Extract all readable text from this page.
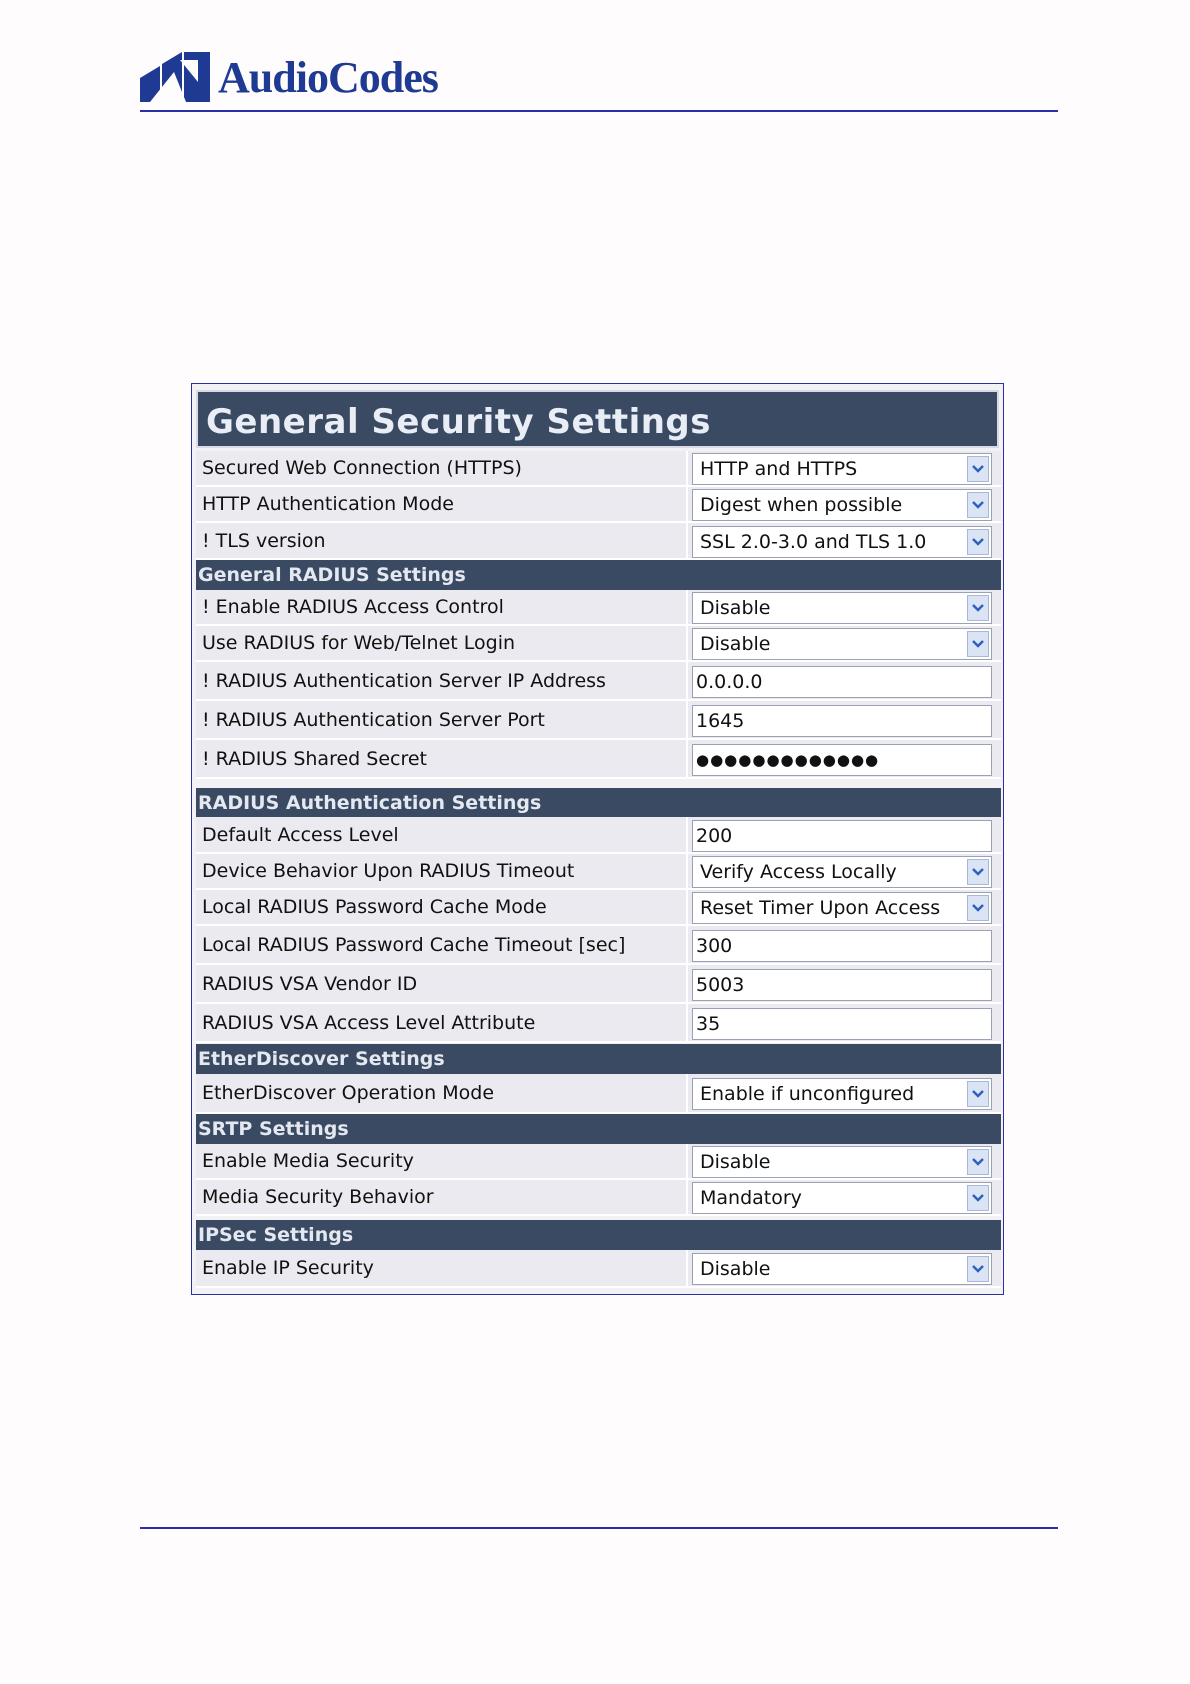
AudioCodes
General Security Settings
Secured Web Connection (HTTPS)	HTTP and HTTPS
HTTP Authentication Mode	Digest when possible
! TLS version	SSL 2.0-3.0 and TLS 1.0
General RADIUS Settings
! Enable RADIUS Access Control	Disable
Use RADIUS for Web/Telnet Login	Disable
! RADIUS Authentication Server IP Address	0.0.0.0
! RADIUS Authentication Server Port	1645
! RADIUS Shared Secret	●●●●●●●●●●●●●
RADIUS Authentication Settings
Default Access Level	200
Device Behavior Upon RADIUS Timeout	Verify Access Locally
Local RADIUS Password Cache Mode	Reset Timer Upon Access
Local RADIUS Password Cache Timeout [sec]	300
RADIUS VSA Vendor ID	5003
RADIUS VSA Access Level Attribute	35
EtherDiscover Settings
EtherDiscover Operation Mode	Enable if unconfigured
SRTP Settings
Enable Media Security	Disable
Media Security Behavior	Mandatory
IPSec Settings
Enable IP Security	Disable
